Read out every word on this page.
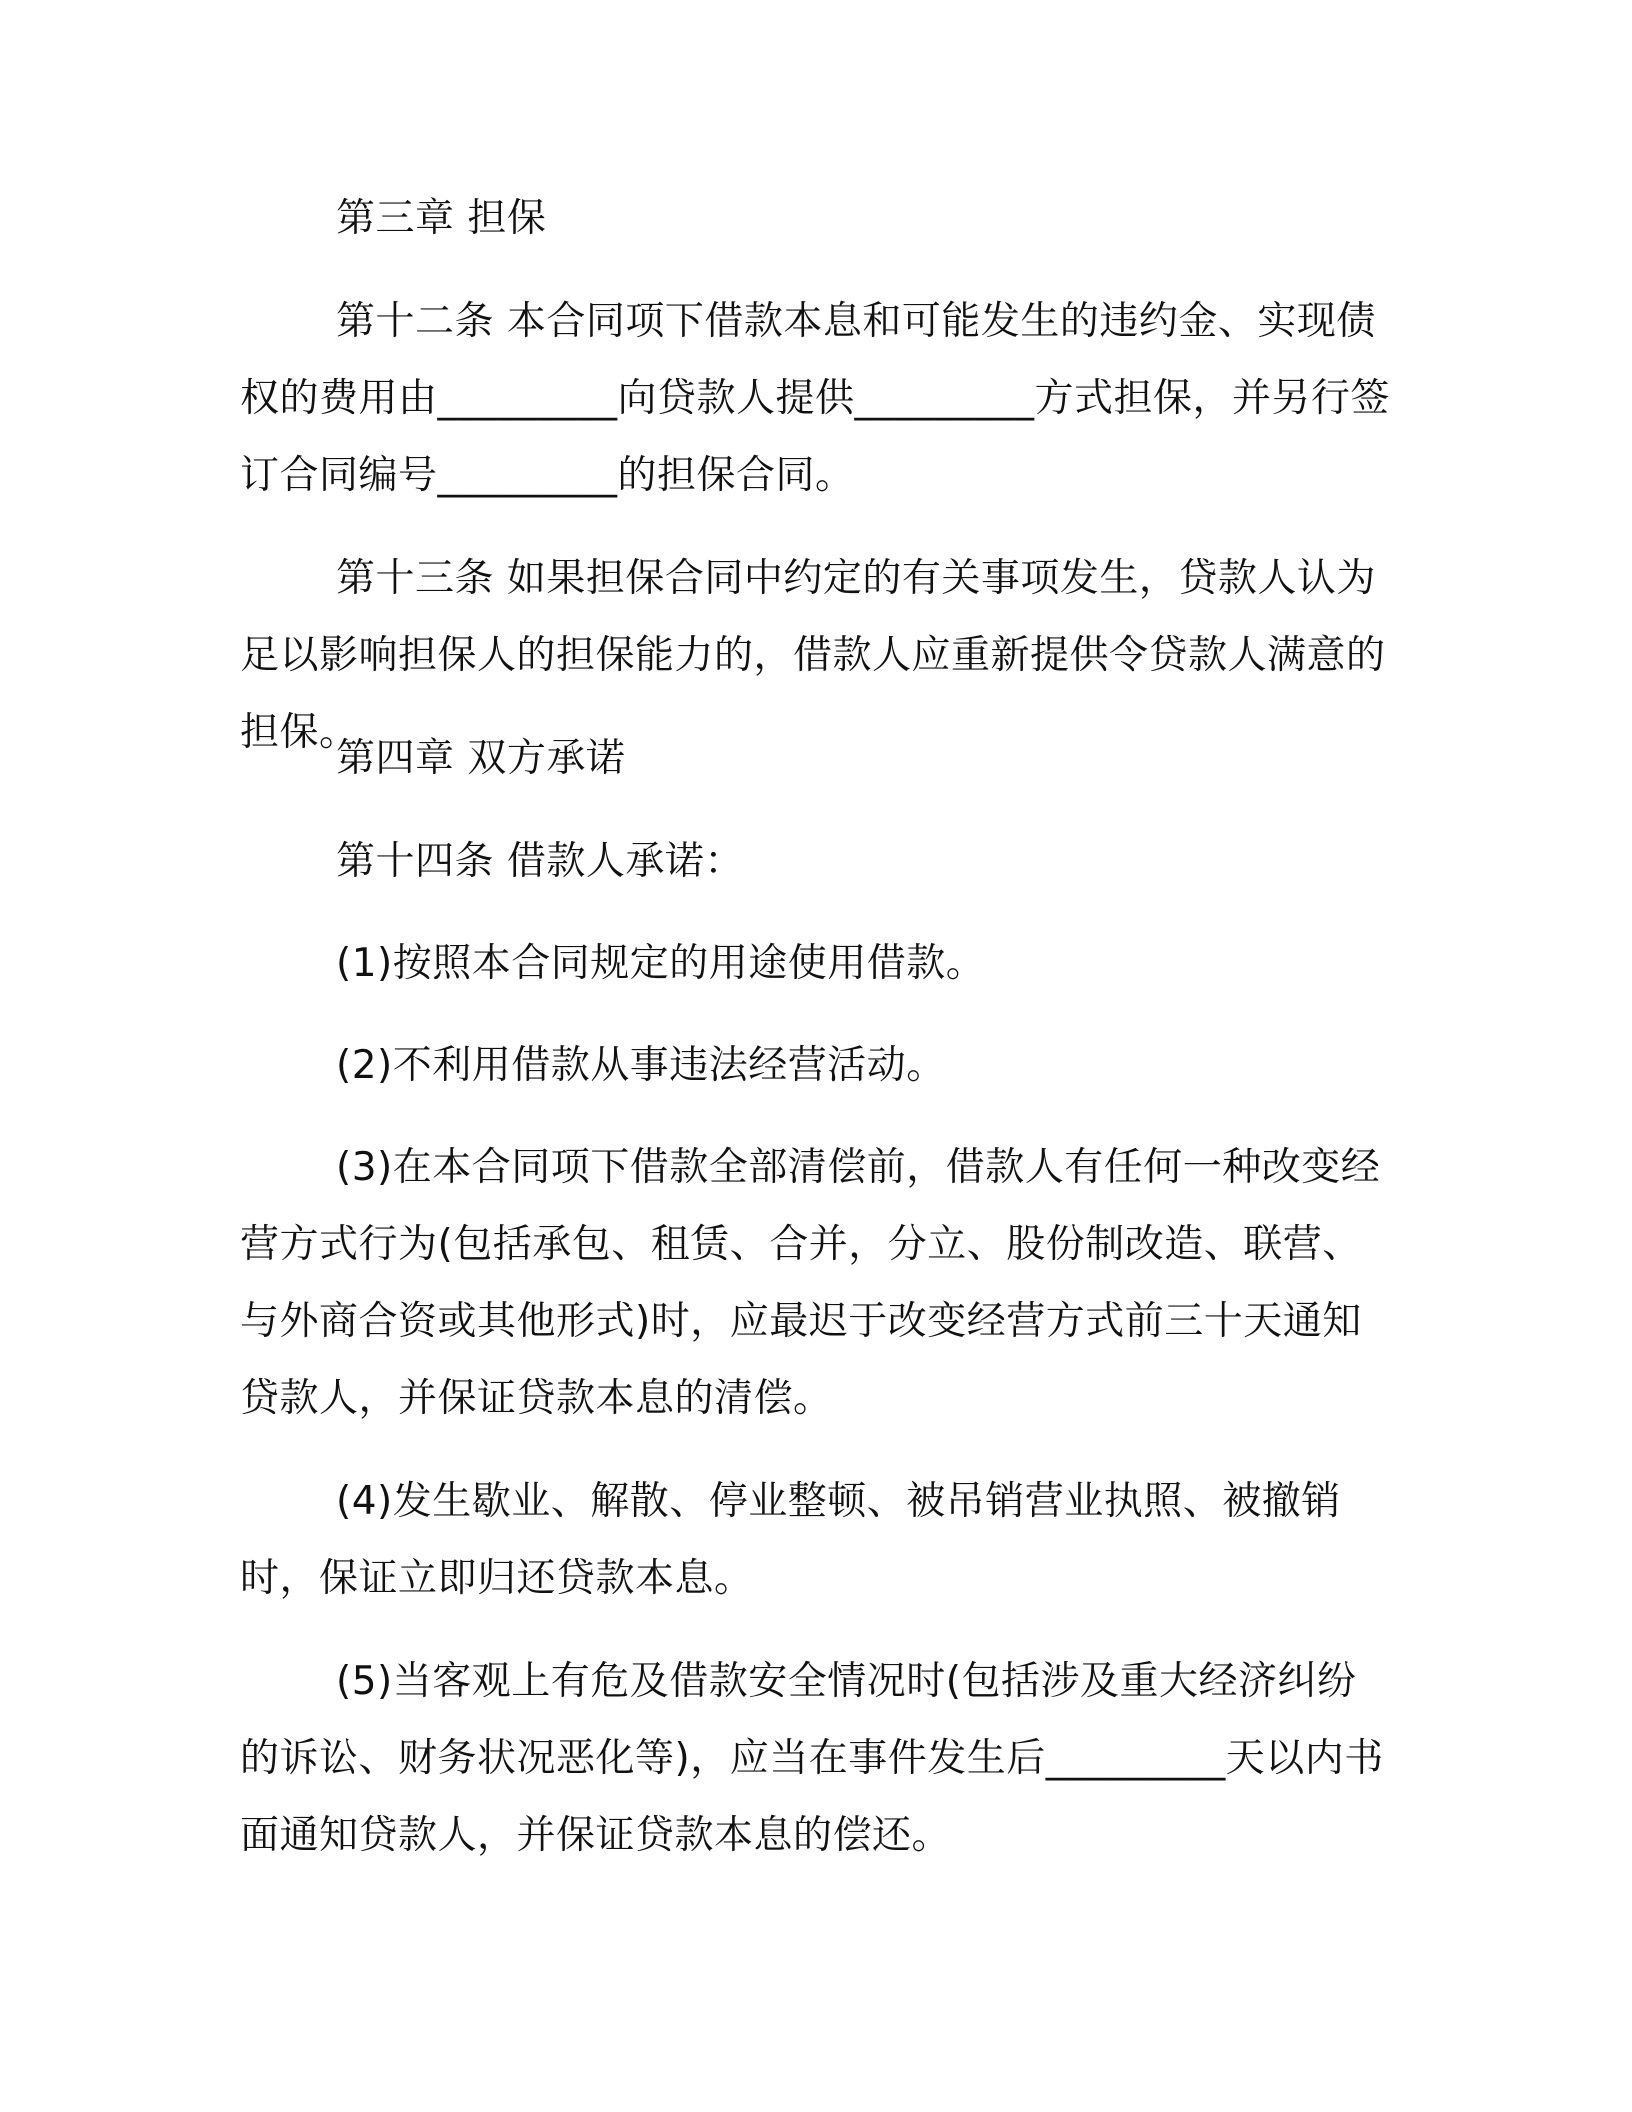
第三章 担保
第十二条 本合同项下借款本息和可能发生的违约金、实现债权的费用由_________向贷款人提供_________方式担保，并另行签订合同编号_________的担保合同。
第十三条 如果担保合同中约定的有关事项发生，贷款人认为足以影响担保人的担保能力的，借款人应重新提供令贷款人满意的担保。
第四章 双方承诺
第十四条 借款人承诺：
(1)按照本合同规定的用途使用借款。
(2)不利用借款从事违法经营活动。
(3)在本合同项下借款全部清偿前，借款人有任何一种改变经营方式行为(包括承包、租赁、合并，分立、股份制改造、联营、与外商合资或其他形式)时，应最迟于改变经营方式前三十天通知贷款人，并保证贷款本息的清偿。
(4)发生歇业、解散、停业整顿、被吊销营业执照、被撤销时，保证立即归还贷款本息。
(5)当客观上有危及借款安全情况时(包括涉及重大经济纠纷的诉讼、财务状况恶化等)，应当在事件发生后_________天以内书面通知贷款人，并保证贷款本息的偿还。
